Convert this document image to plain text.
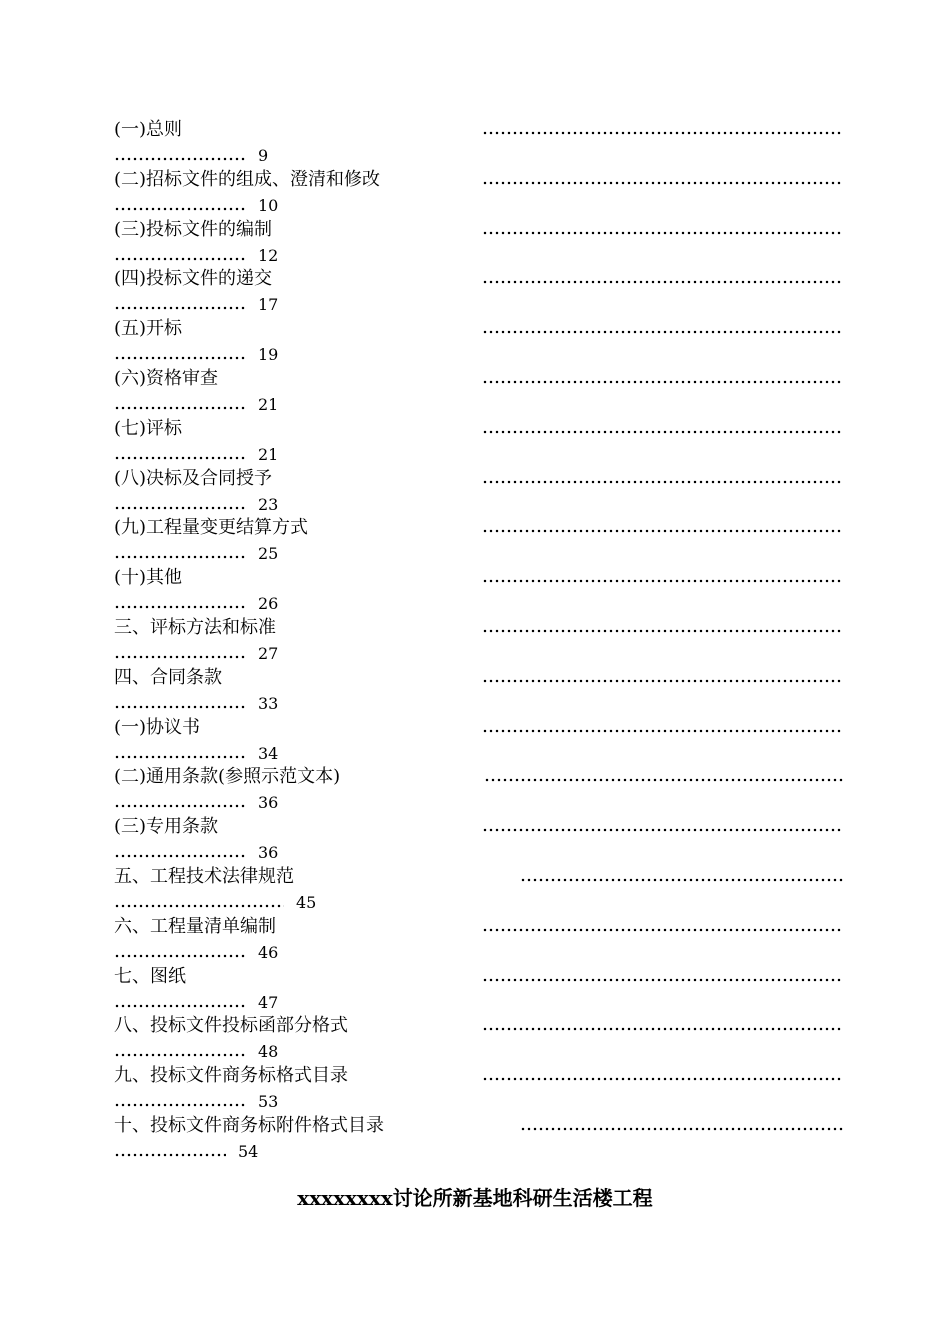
(一)总则
9
(二)招标文件的组成、澄清和修改
10
(三)投标文件的编制
12
(四)投标文件的递交
17
(五)开标
19
(六)资格审查
21
(七)评标
21
(八)决标及合同授予
23
(九)工程量变更结算方式
25
(十)其他
26
三、评标方法和标准
27
四、合同条款
33
(一)协议书
34
(二)通用条款(参照示范文本)
36
(三)专用条款
36
五、工程技术法律规范
45
六、工程量清单编制
46
七、图纸
47
八、投标文件投标函部分格式
48
九、投标文件商务标格式目录
53
十、投标文件商务标附件格式目录
54
xxxxxxxx讨论所新基地科研生活楼工程
